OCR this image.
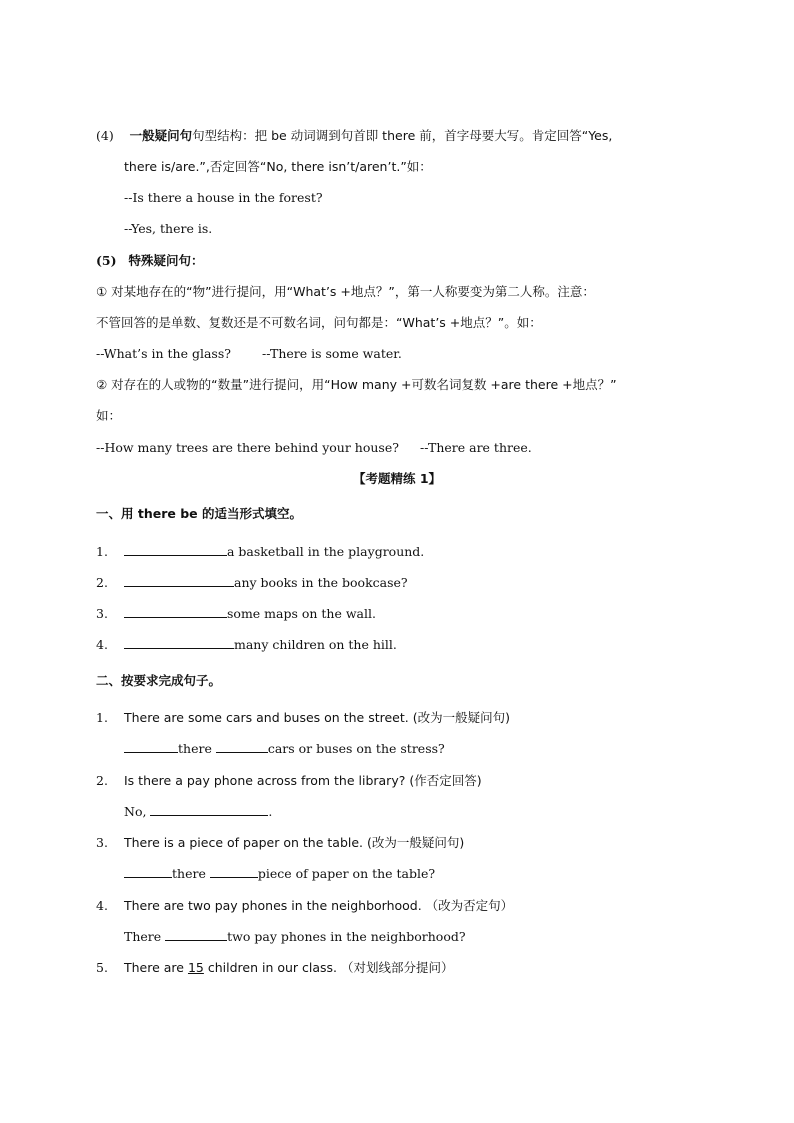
(4) 一般疑问句句型结构：把 be 动词调到句首即 there 前，首字母要大写。肯定回答“Yes,
there is/are.”,否定回答“No, there isn’t/aren’t.”如：
--Is there a house in the forest?
--Yes, there is.
(5) 特殊疑问句：
① 对某地存在的“物”进行提问，用“What’s +地点？”，第一人称要变为第二人称。注意：
不管回答的是单数、复数还是不可数名词，问句都是：“What’s +地点？”。如：
--What’s in the glass? --There is some water.
② 对存在的人或物的“数量”进行提问，用“How many +可数名词复数 +are there +地点？”
如：
--How many trees are there behind your house? --There are three.
【考题精练 1】
一、用 there be 的适当形式填空。
1.	a basketball in the playground.
2.	any books in the bookcase?
3.	some maps on the wall.
4.	many children on the hill.
二、按要求完成句子。
1. There are some cars and buses on the street. (改为一般疑问句)
there	cars or buses on the stress?
2. Is there a pay phone across from the library? (作否定回答)
No,	.
3. There is a piece of paper on the table. (改为一般疑问句)
there	piece of paper on the table?
4. There are two pay phones in the neighborhood. （改为否定句）
There	two pay phones in the neighborhood?
5. There are 15 children in our class. （对划线部分提问）
